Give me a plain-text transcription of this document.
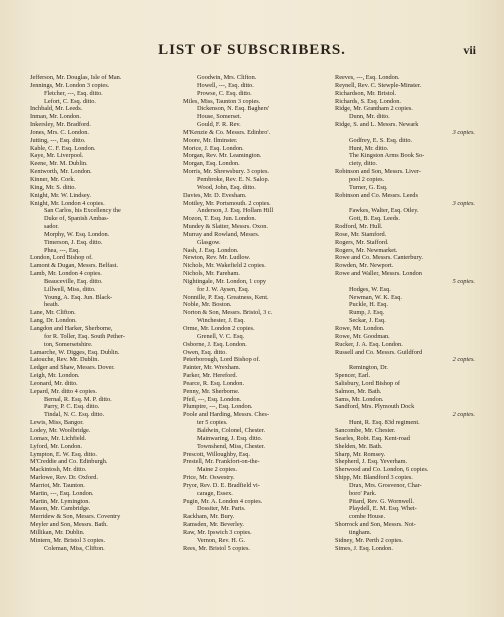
LIST OF SUBSCRIBERS.	vii
Jefferson, Mr. Douglas, Isle of Man.
Jennings, Mr. London 3 copies.
Fletcher, ---, Esq. ditto.
Lefort, C. Esq. ditto.
Inchbald, Mr. Leeds.
Inman, Mr. London.
Inkersley, Mr. Bradford.
Jones, Mrs. C. London.
Jutting, ---, Esq. ditto.
Kable, C. F. Esq. London.
Kaye, Mr. Liverpool.
Keene, Mr. M. Dublin.
Kentworth, Mr. London.
Kinner, Mr. Cork.
King, Mr. S. ditto.
Knight, Mr. W. Lindsey.
Knight, Mr. London 4 copies.
San Carlos, his Excellency the
Duke of, Spanish Ambas-
sador.
Morphy, W. Esq. London.
Timerson, J. Esq. ditto.
Phea, ---, Esq.
London, Lord Bishop of.
Lamont & Dugan, Messrs. Belfast.
Lamb, Mr. London 4 copies.
Beauceville, Esq. ditto.
Lillwell, Miss, ditto.
Young, A. Esq. Jun. Black-
heath.
Lane, Mr. Clifton.
Lang, Dr. London.
Langdon and Harker, Sherborne,
for R. Toller, Esq. South Pether-
ton, Somersetshire.
Lamarche, W. Digges, Esq. Dublin.
Latouche, Rev. Mr. Dublin.
Ledger and Shaw, Messrs. Dover.
Leigh, Mr. London.
Leonard, Mr. ditto.
Lepard, Mr. ditto 4 copies.
Bernal, R. Esq. M. P. ditto.
Parry, P. C. Esq. ditto.
Tindal, N. C. Esq. ditto.
Lewis, Miss, Bangor.
Lodey, Mr. Woolbridge.
Lomax, Mr. Lichfield.
Lyford, Mr. London.
Lympton, E. W. Esq. ditto.
M'Creddie and Co. Edinburgh.
Mackintosh, Mr. ditto.
Marlowe, Rev. Dr. Oxford.
Marriot, Mr. Taunton.
Martin, ---, Esq. London.
Martin, Mr. Lymington.
Mason, Mr. Cambridge.
Merridew & Son, Messrs. Coventry
Meyler and Son, Messrs. Bath.
Millikan, Mr. Dublin.
Mintern, Mr. Bristol 3 copies.
Coleman, Miss, Clifton.
Goodwin, Mrs. Clifton.
Howell, ---, Esq. ditto.
Prowse, C. Esq. ditto.
Miles, Miss, Taunton 3 copies.
Dickenson, N. Esq. Baghers'
House, Somerset.
Gould, F. R. Rev.
M'Kenzie & Co. Messrs. Edinbro'.
Moore, Mr. Ilminster.
Morice, J. Esq. London.
Morgan, Rev. Mr. Leamington.
Morgan, Esq. London.
Morris, Mr. Shrewsbury. 3 copies.
Pembroke, Rev. E. N. Salop.
Wood, John, Esq. ditto.
Davies, Mr. D. Evesham.
Mottley, Mr. Portsmouth. 2 copies.
Anderson, J. Esq. Hollam Hill
Mozon, T. Esq. Jun. London.
Mundey & Slatter, Messrs. Oxon.
Murray and Rowland, Messrs.
Glasgow.
Nash, J. Esq. London.
Newton, Rev. Mr. Ludlow.
Nichols, Mr. Wakefield 2 copies.
Nichols, Mr. Fareham.
Nightingale, Mr. London, 1 copy
for J. W. Aysen, Esq.
Nonnille, P. Esq. Greatness, Kent.
Noble, Mr. Boston.
Norton & Son, Messrs. Bristol, 3 c.
Winchester, J. Esq.
Orme, Mr. London 2 copies.
Grenell, V. C. Esq.
Osborne, J. Esq. London.
Owen, Esq. ditto.
Peterborough, Lord Bishop of.
Painter, Mr. Wrexham.
Parker, Mr. Hereford.
Pearce, R. Esq. London.
Penny, Mr. Sherborne.
Pfeil, ---, Esq. London.
Plumptre, ---, Esq. London.
Poole and Harding, Messrs. Ches-
ter 5 copies.
Baldwin, Colonel, Chester.
Mainwaring, J. Esq. ditto.
Townshend, Miss, Chester.
Prescott, Willoughby, Esq.
Prestell, Mr. Frankfort-on-the-
Maine 2 copies.
Price, Mr. Oswestry.
Pryor, Rev. D. E. Bradfield vi-
carage, Essex.
Pugin, Mr. A. London 4 copies.
Dossiter, Mr. Paris.
Rackham, Mr. Bury.
Ramsden, Mr. Beverley.
Raw, Mr. Ipswich 3 copies.
Vernon, Rev. H. G.
Rees, Mr. Bristol 5 copies.
Reeves, ---, Esq. London.
Reynell, Rev. C. Stewple-Minster.
Richardson, Mr. Bristol.
Richards, S. Esq. London.
Ridge, Mr. Grantham 2 copies.
Dunn, Mr. ditto.
Ridge, S. and L. Messrs. Newark
3 copies.
Godfrey, E. S. Esq. ditto.
Hunt, Mr. ditto.
The Kingston Arms Book So-
ciety, ditto.
Robinson and Son, Messrs. Liver-
pool 2 copies.
Turner, G. Esq.
Robinson and Co. Messrs. Leeds
3 copies.
Fawkes, Walter, Esq. Otley.
Gott, B. Esq. Leeds.
Rodford, Mr. Hull.
Rose, Mr. Stamford.
Rogers, Mr. Stafford.
Rogers, Mr. Newmarket.
Rowe and Co. Messrs. Canterbury.
Rowden, Mr. Newport.
Rowe and Waller, Messrs. London
5 copies.
Hodges, W. Esq.
Newman, W. K. Esq.
Puckle, H. Esq.
Rump, J. Esq.
Seckar, J. Esq.
Rowe, Mr. London.
Rowe, Mr. Goodman.
Rucker, J. A. Esq. London.
Russell and Co. Messrs. Guildford
2 copies.
Remington, Dr.
Spencer, Earl.
Salisbury, Lord Bishop of
Salmon, Mr. Bath.
Sams, Mr. London.
Sandford, Mrs. Plymouth Dock
2 copies.
Hunt, R. Esq. 83d regiment.
Sancombe, Mr. Chester.
Searles, Robt. Esq. Kent-road
Shelden, Mr. Bath.
Sharp, Mr. Romsey.
Shepherd, J. Esq. Yeverham.
Sherwood and Co. London, 6 copies.
Shipp, Mr. Blandford 3 copies.
Drax, Mrs. Grosvenor, Char-
boro' Park.
Pitard, Rev. G. Wornwell.
Playdell, E. M. Esq. Whet-
combe House.
Shorrock and Son, Messrs. Not-
tingham.
Sidney, Mr. Perth 2 copies.
Simes, J. Esq. London.
